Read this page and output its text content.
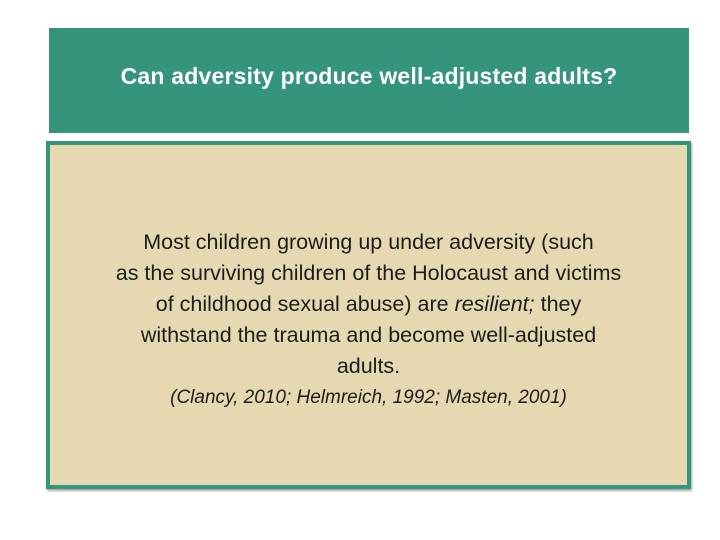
Can adversity produce well-adjusted adults?
Most children growing up under adversity (such
as the surviving children of the Holocaust and victims
of childhood sexual abuse) are resilient; they
withstand the trauma and become well-adjusted
adults.
(Clancy, 2010; Helmreich, 1992; Masten, 2001)
